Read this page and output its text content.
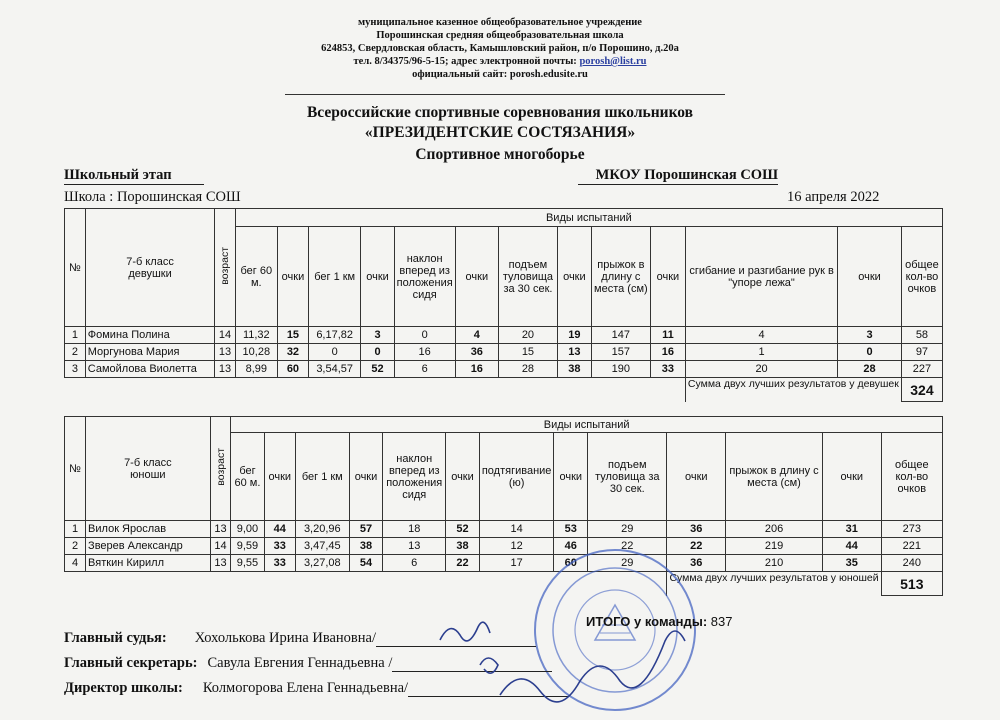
муниципальное казенное общеобразовательное учреждение
Порошинская средняя общеобразовательная школа
624853, Свердловская область, Камышловский район, п/о Порошино, д.20а
тел. 8/34375/96-5-15; адрес электронной почты: porosh@list.ru
официальный сайт: porosh.edusite.ru
Всероссийские спортивные соревнования школьников
«ПРЕЗИДЕНТСКИЕ СОСТЯЗАНИЯ»
Спортивное многоборье
Школьный этап	МКОУ Порошинская СОШ
Школа : Порошинская СОШ	16 апреля 2022
№	7-б класс
девушки	возраст	Виды испытаний												
			бег 60 м.	очки	бег 1 км	очки	наклон вперед из положения сидя	очки	подъем туловища за 30 сек.	очки	прыжок в длину с места (см)	очки	сгибание и разгибание рук в "упоре лежа"	очки	общее кол-во очков
1	Фомина Полина	14	11,32	15	6,17,82	3	0	4	20	19	147	11	4	3	58
2	Моргунова Мария	13	10,28	32	0	0	16	36	15	13	157	16	1	0	97
3	Самойлова Виолетта	13	8,99	60	3,54,57	52	6	16	28	38	190	33	20	28	227
													Сумма двух лучших результатов у девушек		324
№	7-б класс
юноши	возраст	Виды испытаний												
			бег 60 м.	очки	бег 1 км	очки	наклон вперед из положения сидя	очки	подтягивание (ю)	очки	подъем туловища за 30 сек.	очки	прыжок в длину с места (см)	очки	общее кол-во очков
1	Вилок Ярослав	13	9,00	44	3,20,96	57	18	52	14	53	29	36	206	31	273
2	Зверев Александр	14	9,59	33	3,47,45	38	13	38	12	46	22	22	219	44	221
4	Вяткин Кирилл	13	9,55	33	3,27,08	54	6	22	17	60	29	36	210	35	240
												Сумма двух лучших результатов у юношей			513
ИТОГО у команды: 837
Главный судья: Хохолькова Ирина Ивановна/
Главный секретарь: Савула Евгения Геннадьевна /
Директор школы: Колмогорова Елена Геннадьевна/
